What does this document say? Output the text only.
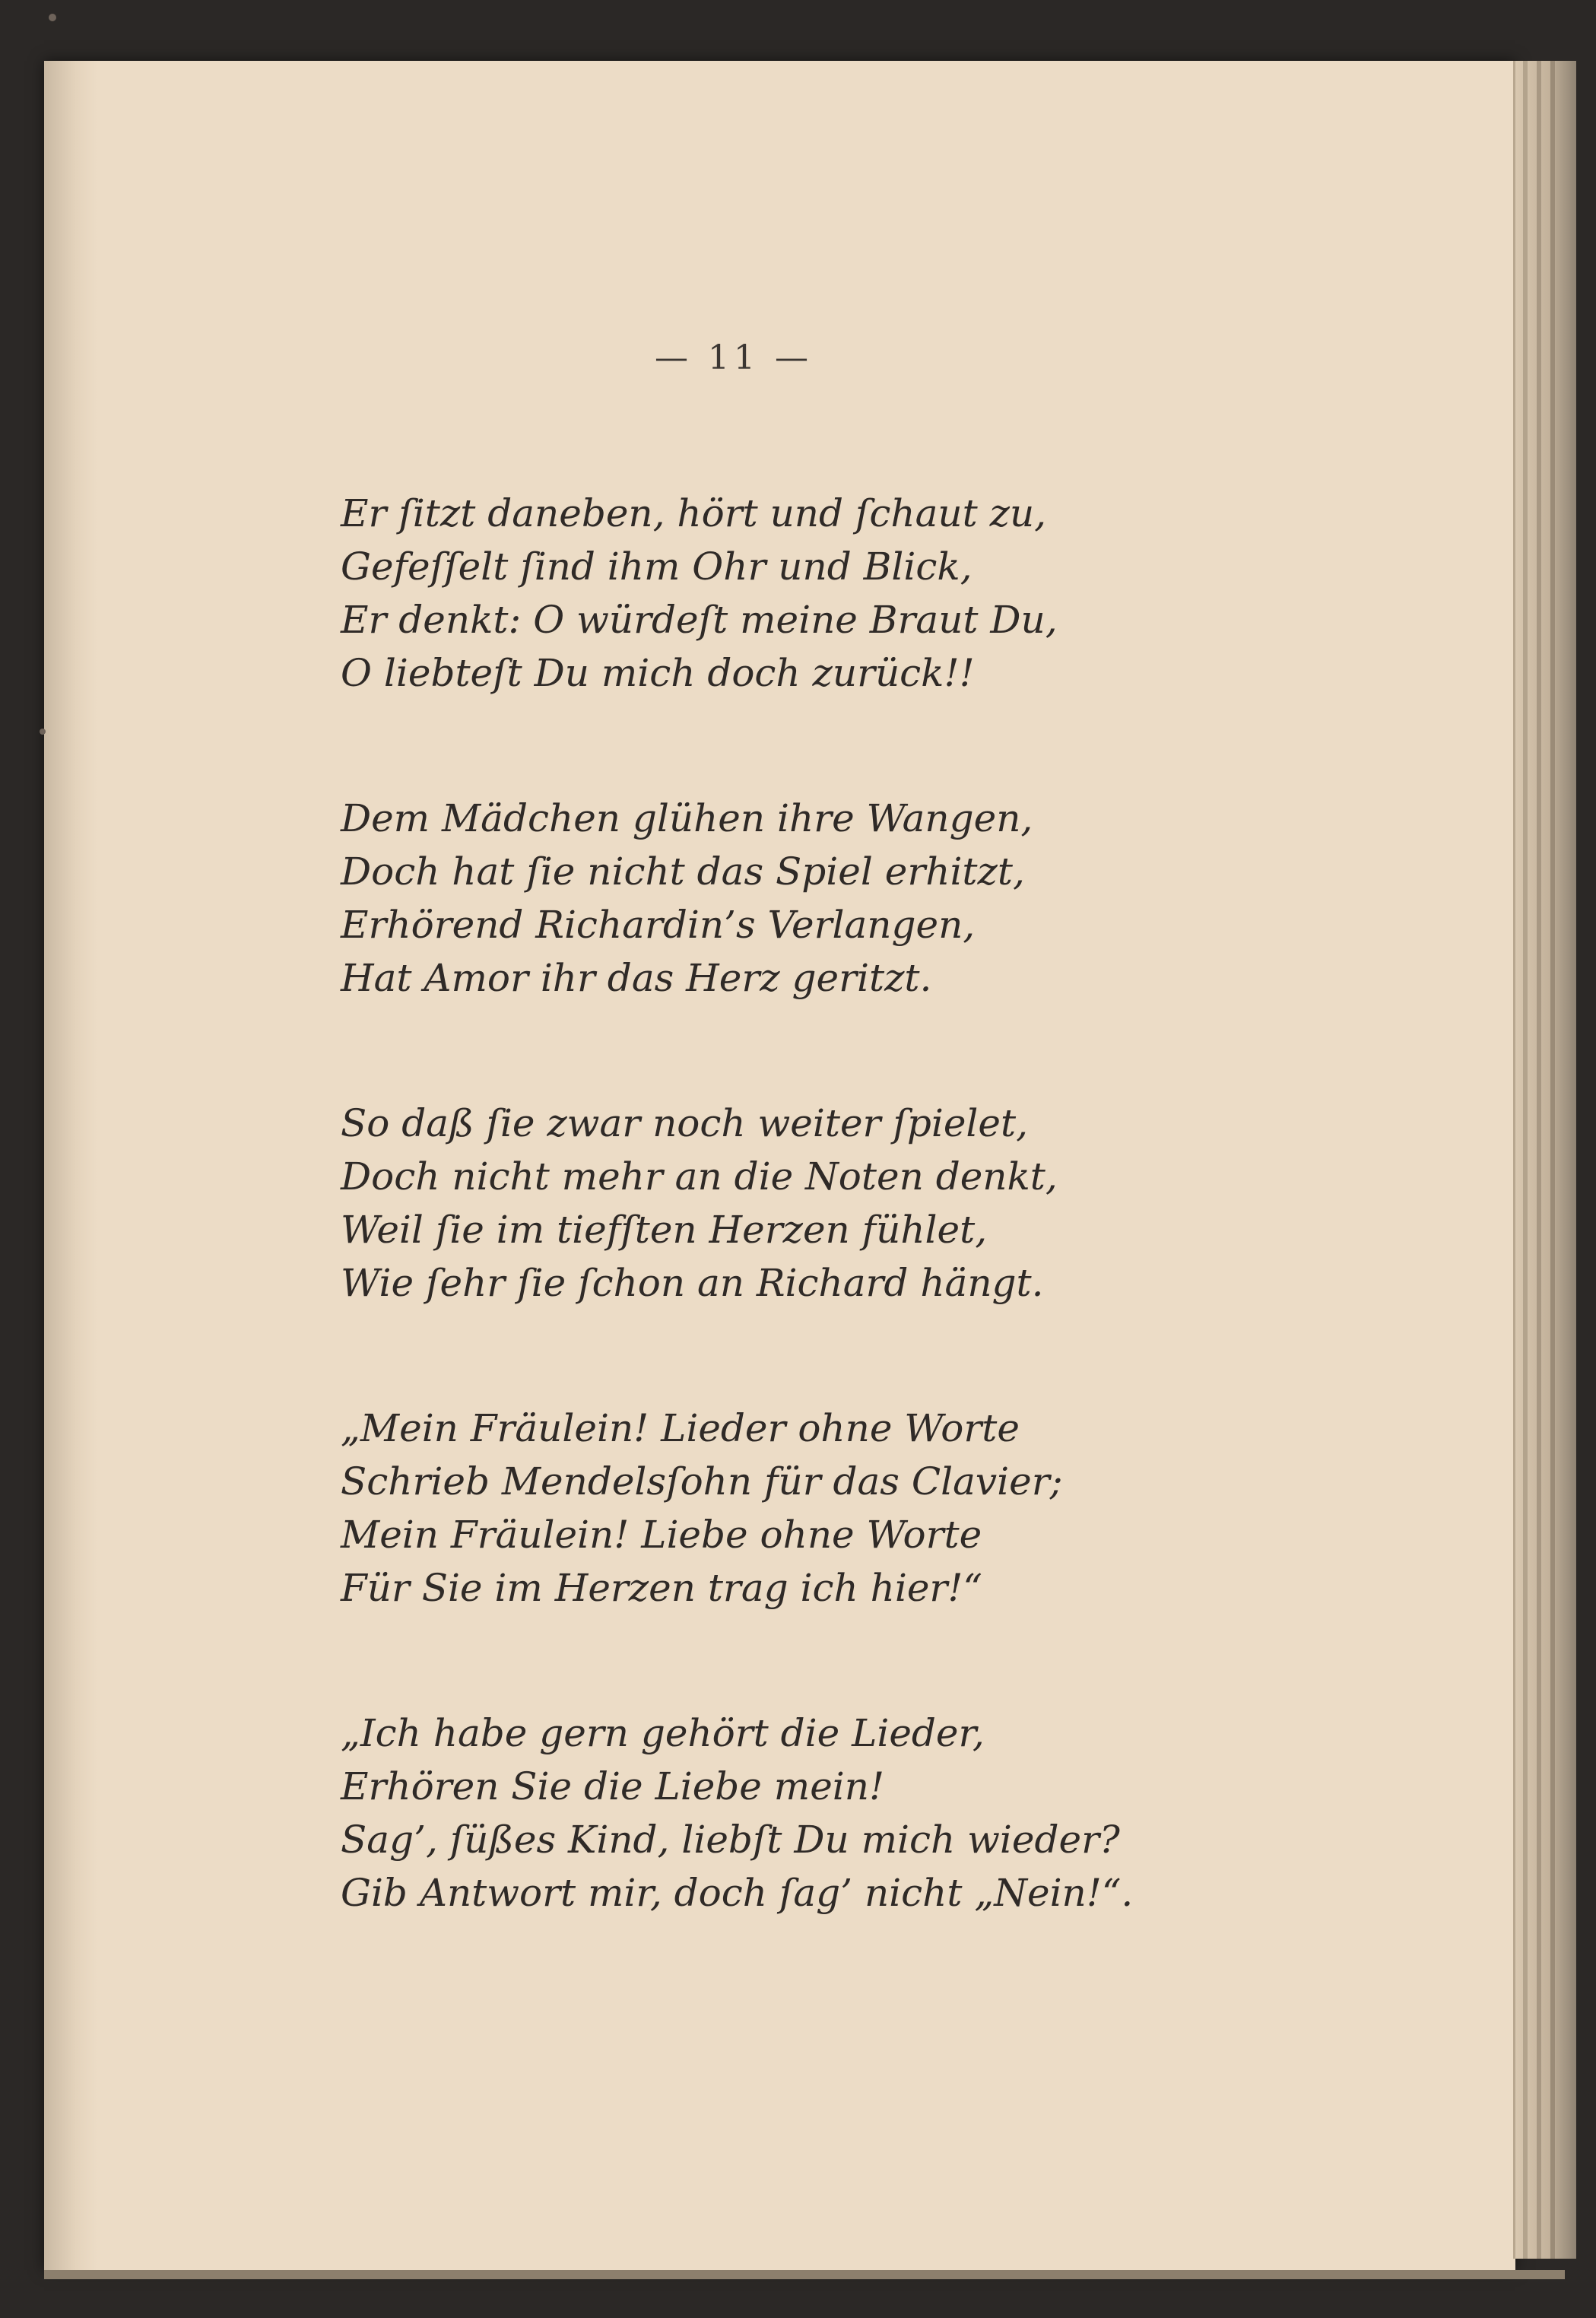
— 11 —
Er ſitzt daneben, hört und ſchaut zu,
Gefeſſelt ſind ihm Ohr und Blick,
Er denkt: O würdeſt meine Braut Du,
O liebteſt Du mich doch zurück!!
Dem Mädchen glühen ihre Wangen,
Doch hat ſie nicht das Spiel erhitzt,
Erhörend Richardin’s Verlangen,
Hat Amor ihr das Herz geritzt.
So daß ſie zwar noch weiter ſpielet,
Doch nicht mehr an die Noten denkt,
Weil ſie im tiefſten Herzen fühlet,
Wie ſehr ſie ſchon an Richard hängt.
„Mein Fräulein! Lieder ohne Worte
Schrieb Mendelsſohn für das Clavier;
Mein Fräulein! Liebe ohne Worte
Für Sie im Herzen trag ich hier!“
„Ich habe gern gehört die Lieder,
Erhören Sie die Liebe mein!
Sag’, ſüßes Kind, liebſt Du mich wieder?
Gib Antwort mir, doch ſag’ nicht „Nein!“.
